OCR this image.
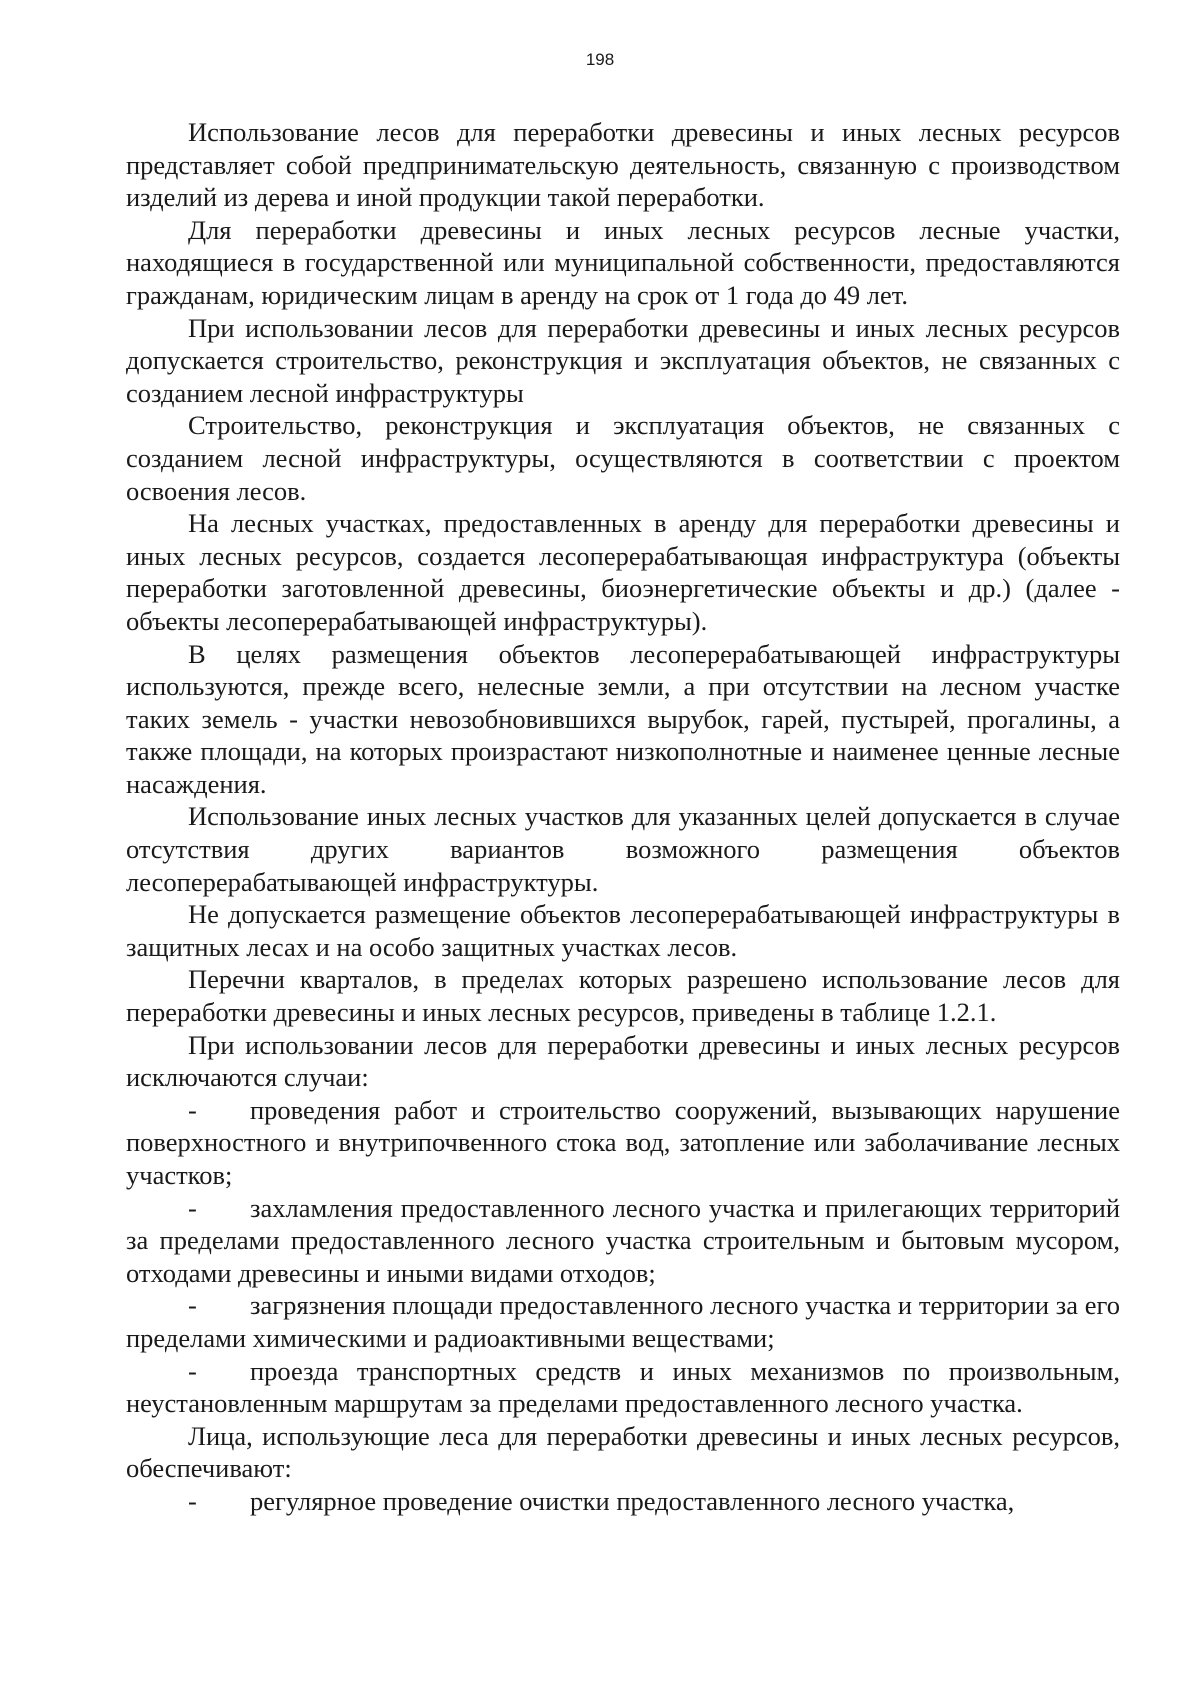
198

Использование лесов для переработки древесины и иных лесных ресурсов представляет собой предпринимательскую деятельность, связанную с производством изделий из дерева и иной продукции такой переработки.

Для переработки древесины и иных лесных ресурсов лесные участки, находящиеся в государственной или муниципальной собственности, предоставляются гражданам, юридическим лицам в аренду на срок от 1 года до 49 лет.

При использовании лесов для переработки древесины и иных лесных ресурсов допускается строительство, реконструкция и эксплуатация объектов, не связанных с созданием лесной инфраструктуры

Строительство, реконструкция и эксплуатация объектов, не связанных с созданием лесной инфраструктуры, осуществляются в соответствии с проектом освоения лесов.

На лесных участках, предоставленных в аренду для переработки древесины и иных лесных ресурсов, создается лесоперерабатывающая инфраструктура (объекты переработки заготовленной древесины, биоэнергетические объекты и др.) (далее - объекты лесоперерабатывающей инфраструктуры).

В целях размещения объектов лесоперерабатывающей инфраструктуры используются, прежде всего, нелесные земли, а при отсутствии на лесном участке таких земель - участки невозобновившихся вырубок, гарей, пустырей, прогалины, а также площади, на которых произрастают низкополнотные и наименее ценные лесные насаждения.

Использование иных лесных участков для указанных целей допускается в случае отсутствия других вариантов возможного размещения объектов лесоперерабатывающей инфраструктуры.

Не допускается размещение объектов лесоперерабатывающей инфраструктуры в защитных лесах и на особо защитных участках лесов.

Перечни кварталов, в пределах которых разрешено использование лесов для переработки древесины и иных лесных ресурсов, приведены в таблице 1.2.1.

При использовании лесов для переработки древесины и иных лесных ресурсов исключаются случаи:

- проведения работ и строительство сооружений, вызывающих нарушение поверхностного и внутрипочвенного стока вод, затопление или заболачивание лесных участков;

- захламления предоставленного лесного участка и прилегающих территорий за пределами предоставленного лесного участка строительным и бытовым мусором, отходами древесины и иными видами отходов;

- загрязнения площади предоставленного лесного участка и территории за его пределами химическими и радиоактивными веществами;

- проезда транспортных средств и иных механизмов по произвольным, неустановленным маршрутам за пределами предоставленного лесного участка.

Лица, использующие леса для переработки древесины и иных лесных ресурсов, обеспечивают:

- регулярное проведение очистки предоставленного лесного участка,
